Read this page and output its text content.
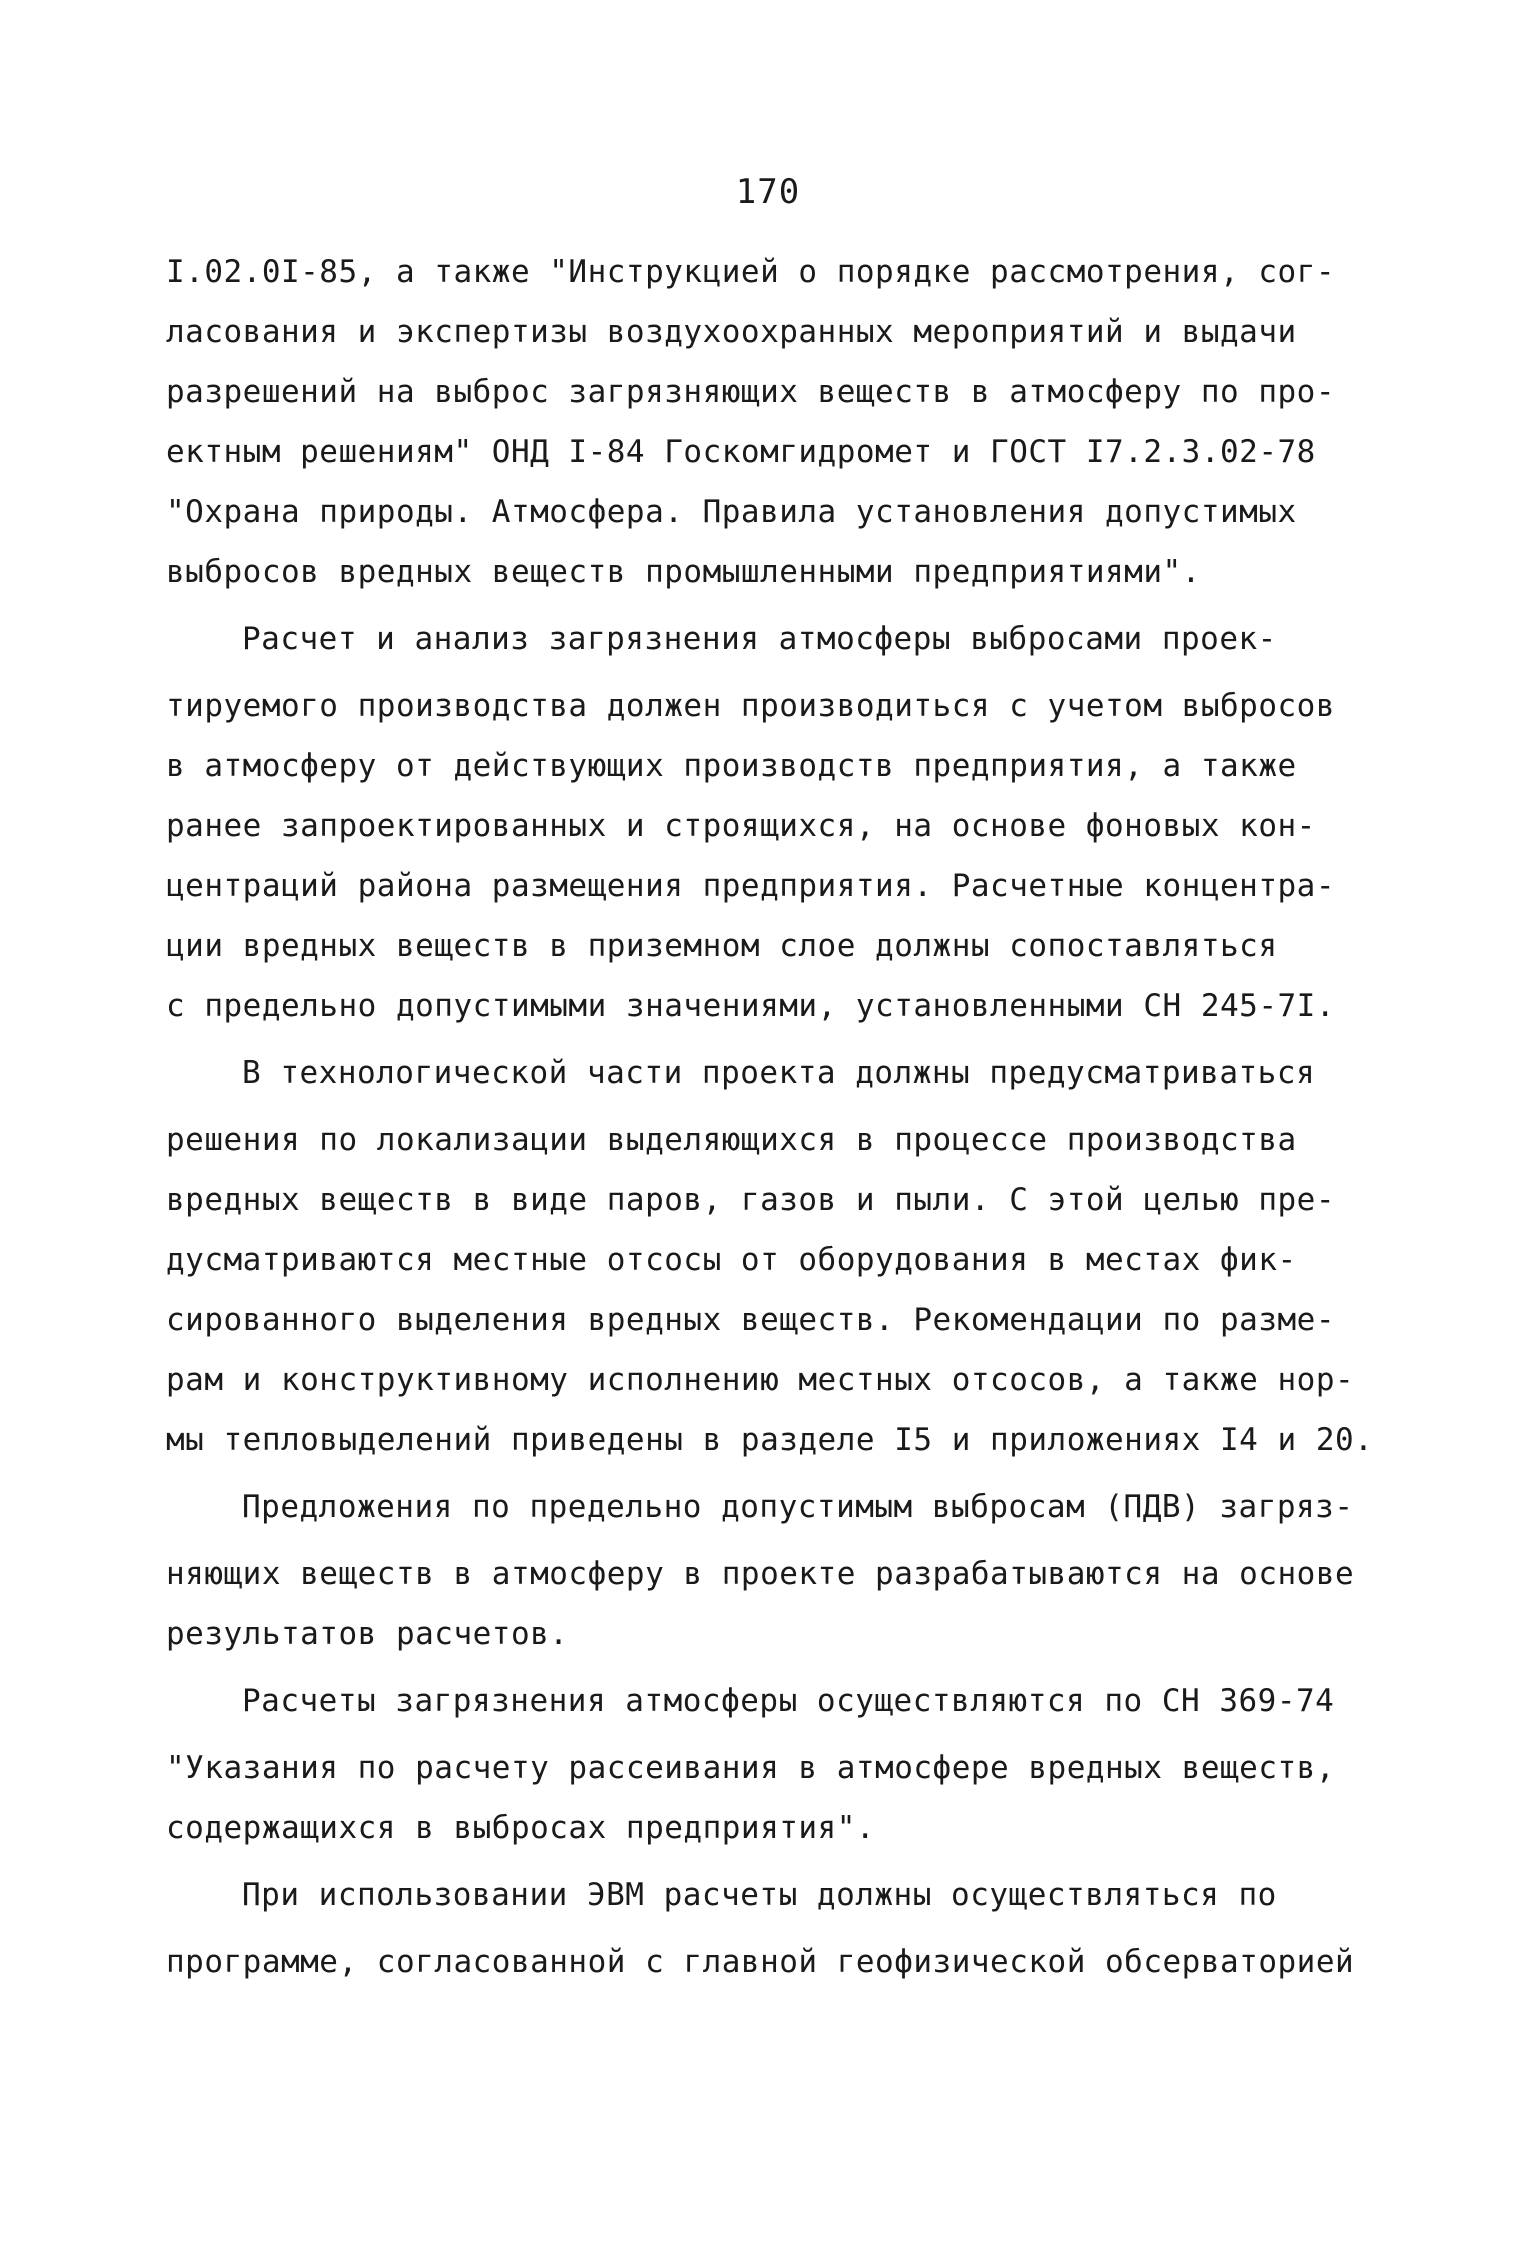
170
I.02.0I-85, а также "Инструкцией о порядке рассмотрения, сог-
ласования и экспертизы воздухоохранных мероприятий и выдачи
разрешений на выброс загрязняющих веществ в атмосферу по про-
ектным решениям" ОНД I-84 Госкомгидромет и ГОСТ I7.2.3.02-78
"Охрана природы. Атмосфера. Правила установления допустимых
выбросов вредных веществ промышленными предприятиями".
Расчет и анализ загрязнения атмосферы выбросами проек-
тируемого производства должен производиться с учетом выбросов
в атмосферу от действующих производств предприятия, а также
ранее запроектированных и строящихся, на основе фоновых кон-
центраций района размещения предприятия. Расчетные концентра-
ции вредных веществ в приземном слое должны сопоставляться
с предельно допустимыми значениями, установленными СН 245-7I.
В технологической части проекта должны предусматриваться
решения по локализации выделяющихся в процессе производства
вредных веществ в виде паров, газов и пыли. С этой целью пре-
дусматриваются местные отсосы от оборудования в местах фик-
сированного выделения вредных веществ. Рекомендации по разме-
рам и конструктивному исполнению местных отсосов, а также нор-
мы тепловыделений приведены в разделе I5 и приложениях I4 и 20.
Предложения по предельно допустимым выбросам (ПДВ) загряз-
няющих веществ в атмосферу в проекте разрабатываются на основе
результатов расчетов.
Расчеты загрязнения атмосферы осуществляются по СН 369-74
"Указания по расчету рассеивания в атмосфере вредных веществ,
содержащихся в выбросах предприятия".
При использовании ЭВМ расчеты должны осуществляться по
программе, согласованной с главной геофизической обсерваторией
